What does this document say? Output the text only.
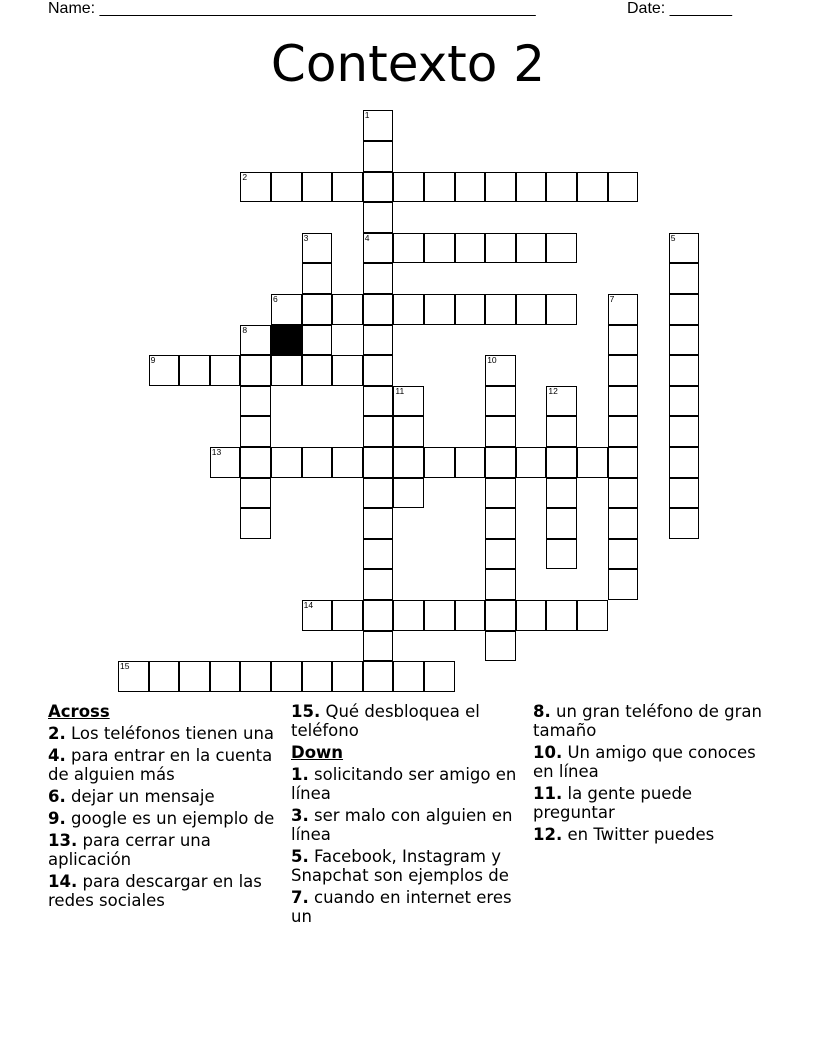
Name: _________________________________________________	Date: _______
Contexto 2
1
4
2
3	5
6	7
8
9	10
11	12
13
14
15
Across
2. Los teléfonos tienen una
4. para entrar en la cuenta de alguien más
6. dejar un mensaje
9. google es un ejemplo de
13. para cerrar una aplicación
14. para descargar en las redes sociales
15. Qué desbloquea el teléfono
Down
1. solicitando ser amigo en línea
3. ser malo con alguien en línea
5. Facebook, Instagram y Snapchat son ejemplos de
7. cuando en internet eres un
8. un gran teléfono de gran tamaño
10. Un amigo que conoces en línea
11. la gente puede preguntar
12. en Twitter puedes
